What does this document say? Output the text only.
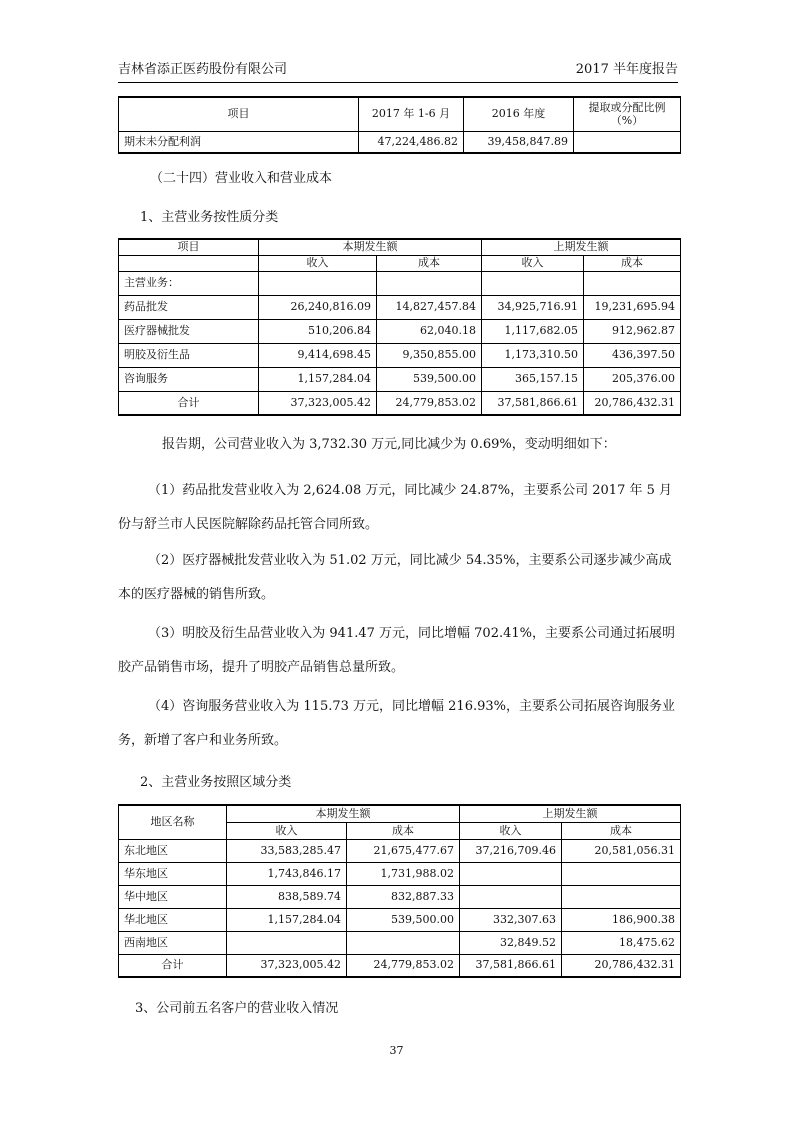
吉林省添正医药股份有限公司	2017 半年度报告
项目	2017 年 1-6 月	2016 年度	提取或分配比例（%）
期末未分配利润	47,224,486.82	39,458,847.89	
（二十四）营业收入和营业成本
1、主营业务按性质分类
项目	本期发生额		上期发生额	
	收入	成本	收入	成本
主营业务：				
药品批发	26,240,816.09	14,827,457.84	34,925,716.91	19,231,695.94
医疗器械批发	510,206.84	62,040.18	1,117,682.05	912,962.87
明胶及衍生品	9,414,698.45	9,350,855.00	1,173,310.50	436,397.50
咨询服务	1,157,284.04	539,500.00	365,157.15	205,376.00
合计	37,323,005.42	24,779,853.02	37,581,866.61	20,786,432.31
报告期，公司营业收入为 3,732.30 万元,同比减少为 0.69%，变动明细如下：
（1）药品批发营业收入为 2,624.08 万元，同比减少 24.87%，主要系公司 2017 年 5 月份与舒兰市人民医院解除药品托管合同所致。
（2）医疗器械批发营业收入为 51.02 万元，同比减少 54.35%，主要系公司逐步减少高成本的医疗器械的销售所致。
（3）明胶及衍生品营业收入为 941.47 万元，同比增幅 702.41%，主要系公司通过拓展明胶产品销售市场，提升了明胶产品销售总量所致。
（4）咨询服务营业收入为 115.73 万元，同比增幅 216.93%，主要系公司拓展咨询服务业务，新增了客户和业务所致。
2、主营业务按照区域分类
地区名称	本期发生额		上期发生额	
	收入	成本	收入	成本
东北地区	33,583,285.47	21,675,477.67	37,216,709.46	20,581,056.31
华东地区	1,743,846.17	1,731,988.02		
华中地区	838,589.74	832,887.33		
华北地区	1,157,284.04	539,500.00	332,307.63	186,900.38
西南地区			32,849.52	18,475.62
合计	37,323,005.42	24,779,853.02	37,581,866.61	20,786,432.31
3、公司前五名客户的营业收入情况
37
